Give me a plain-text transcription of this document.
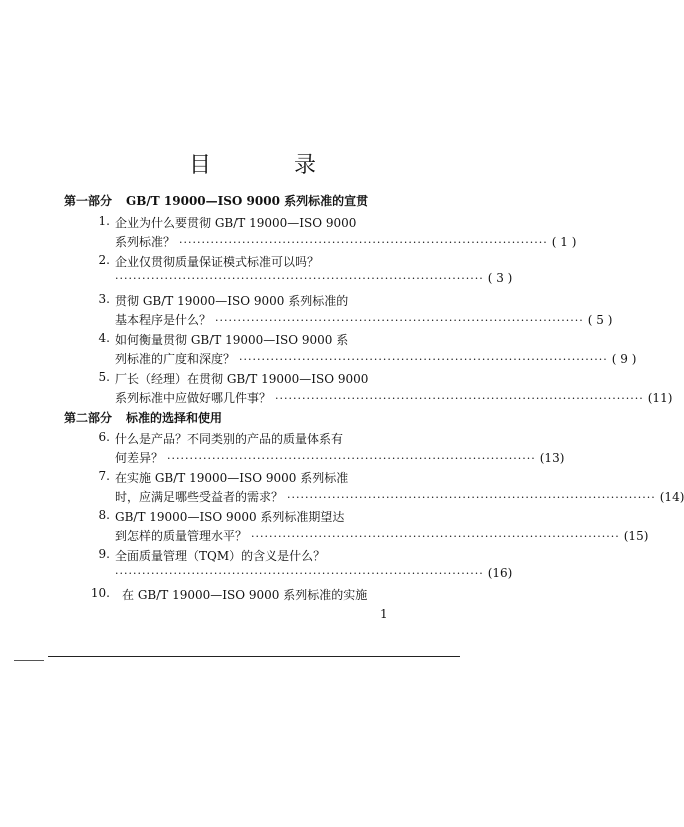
目 录
第一部分 GB/T 19000—ISO 9000 系列标准的宣贯
1. 企业为什么要贯彻 GB/T 19000—ISO 9000
系列标准？ ·················································································· ( 1 )
2. 企业仅贯彻质量保证模式标准可以吗？
·················································································· ( 3 )
3. 贯彻 GB/T 19000—ISO 9000 系列标准的
基本程序是什么？ ·················································································· ( 5 )
4. 如何衡量贯彻 GB/T 19000—ISO 9000 系
列标准的广度和深度？ ·················································································· ( 9 )
5. 厂长（经理）在贯彻 GB/T 19000—ISO 9000
系列标准中应做好哪几件事？ ·················································································· (11)
第二部分 标准的选择和使用
6. 什么是产品？不同类别的产品的质量体系有
何差异？ ·················································································· (13)
7. 在实施 GB/T 19000—ISO 9000 系列标准
时，应满足哪些受益者的需求？ ·················································································· (14)
8. GB/T 19000—ISO 9000 系列标准期望达
到怎样的质量管理水平？ ·················································································· (15)
9. 全面质量管理（TQM）的含义是什么？
·················································································· (16)
10. 在 GB/T 19000—ISO 9000 系列标准的实施
1
